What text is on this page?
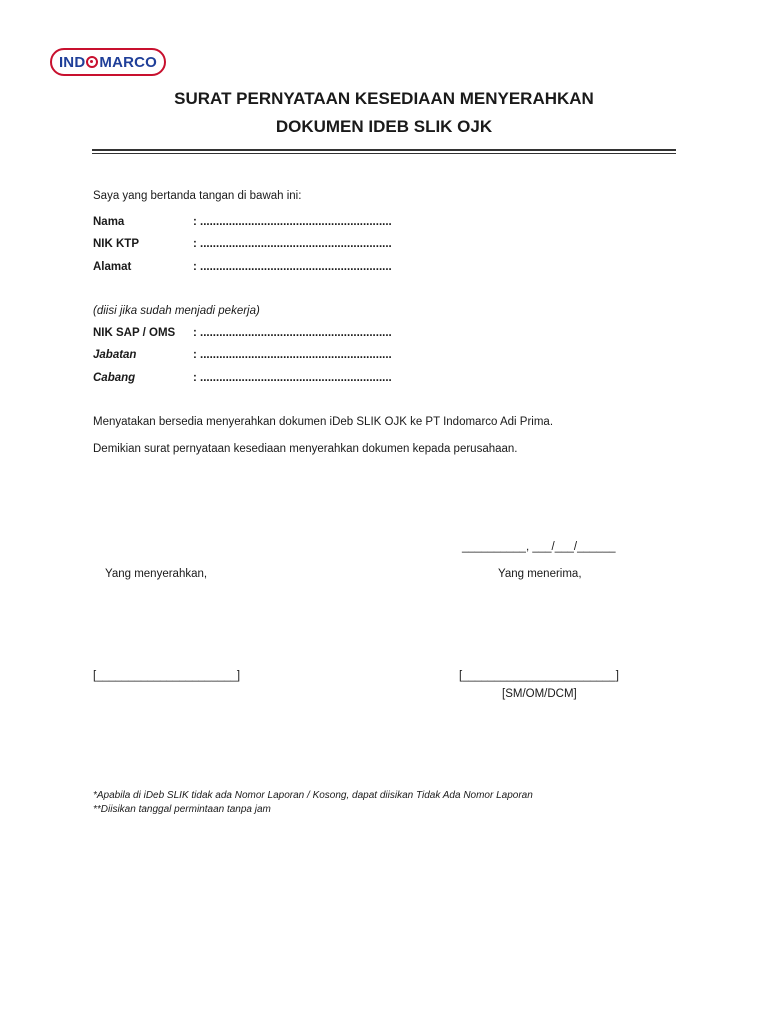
IND MARCO
SURAT PERNYATAAN KESEDIAAN MENYERAHKAN
DOKUMEN IDEB SLIK OJK
Saya yang bertanda tangan di bawah ini:
Nama	: ............................................................
NIK KTP	: ............................................................
Alamat	: ............................................................
(diisi jika sudah menjadi pekerja)
NIK SAP / OMS : ............................................................
Jabatan	: ............................................................
Cabang	: ............................................................
Menyatakan bersedia menyerahkan dokumen iDeb SLIK OJK ke PT Indomarco Adi Prima.
Demikian surat pernyataan kesediaan menyerahkan dokumen kepada perusahaan.
__________, ___/___/______
Yang menyerahkan,	Yang menerima,
[______________________]	[________________________]
[SM/OM/DCM]
*Apabila di iDeb SLIK tidak ada Nomor Laporan / Kosong, dapat diisikan Tidak Ada Nomor Laporan
**Diisikan tanggal permintaan tanpa jam
